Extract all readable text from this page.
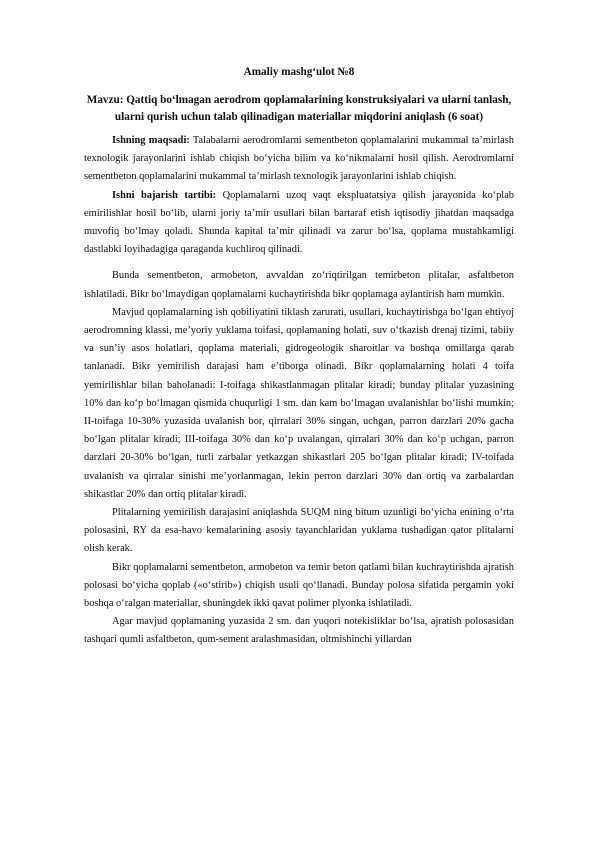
Amaliy mashg‘ulot №8
Mavzu: Qattiq bo‘lmagan aerodrom qoplamalarining konstruksiyalari va ularni tanlash, ularni qurish uchun talab qilinadigan materiallar miqdorini aniqlash (6 soat)

Ishning maqsadi: Talabalarni aerodromlarni sementbeton qoplamalarini mukammal ta’mirlash texnologik jarayonlarini ishlab chiqish bo‘yicha bilim va ko‘nikmalarni hosil qilish. Aerodromlarni sementbeton qoplamalarini mukammal ta’mirlash texnologik jarayonlarini ishlab chiqish.

Ishni bajarish tartibi: Qoplamalarni uzoq vaqt ekspluatatsiya qilish jarayonida ko‘plab emirilishlar hosil bo‘lib, ularni joriy ta’mir usullari bilan bartaraf etish iqtisodiy jihatdan maqsadga muvofiq bo‘lmay qoladi. Shunda kapital ta’mir qilinadi va zarur bo‘lsa, qoplama mustahkamligi dastlabki loyihadagiga qaraganda kuchliroq qilinadi.

Bunda sementbeton, armobeton, avvaldan zo‘riqtirilgan temirbeton plitalar, asfaltbeton ishlatiladi. Bikr bo‘lmaydigan qoplamalarni kuchaytirishda bikr qoplamaga aylantirish ham mumkin.

Mavjud qoplamalarning ish qobiliyatini tiklash zarurati, usullari, kuchaytirishga bo‘lgan ehtiyoj aerodromning klassi, me’yoriy yuklama toifasi, qoplamaning holati, suv o‘tkazish drenaj tizimi, tabiiy va sun’iy asos holatlari, qoplama materiali, gidrogeologik sharoitlar va boshqa omillarga qarab tanlanadi. Bikr yemirilish darajasi ham e’tiborga olinadi. Bikr qoplamalarning holati 4 toifa yemirilishlar bilan baholanadi: I-toifaga shikastlanmagan plitalar kiradi; bunday plitalar yuzasining 10% dan ko‘p bo‘lmagan qismida chuqurligi 1 sm. dan kam bo‘lmagan uvalanishlar bo‘lishi mumkin; II-toifaga 10-30% yuzasida uvalanish bor, qirralari 30% singan, uchgan, parron darzlari 20% gacha bo‘lgan plitalar kiradi; III-toifaga 30% dan ko‘p uvalangan, qirralari 30% dan ko‘p uchgan, parron darzlari 20-30% bo‘lgan, turli zarbalar yetkazgan shikastlari 205 bo‘lgan plitalar kiradi; IV-toifada uvalanish va qirralar sinishi me’yorlanmagan, lekin perron darzlari 30% dan ortiq va zarbalardan shikastlar 20% dan ortiq plitalar kiradi.

Plitalarning yemirilish darajasini aniqlashda SUQM ning bitum uzunligi bo‘yicha enining o‘rta polosasini, RY da esa-havo kemalarining asosiy tayanchlaridan yuklama tushadigan qator plitalarni olish kerak.

Bikr qoplamalarni sementbeton, armobeton va temir beton qatlami bilan kuchraytirishda ajratish polosasi bo‘yicha qoplab («o‘stirib») chiqish usuli qo‘llanadi. Bunday polosa sifatida pergamin yoki boshqa o‘ralgan materiallar, shuningdek ikki qavat polimer plyonka ishlatiladi.

Agar mavjud qoplamaning yuzasida 2 sm. dan yuqori notekisliklar bo‘lsa, ajratish polosasidan tashqari qumli asfaltbeton, qum-sement aralashmasidan, oltmishinchi yillardan
